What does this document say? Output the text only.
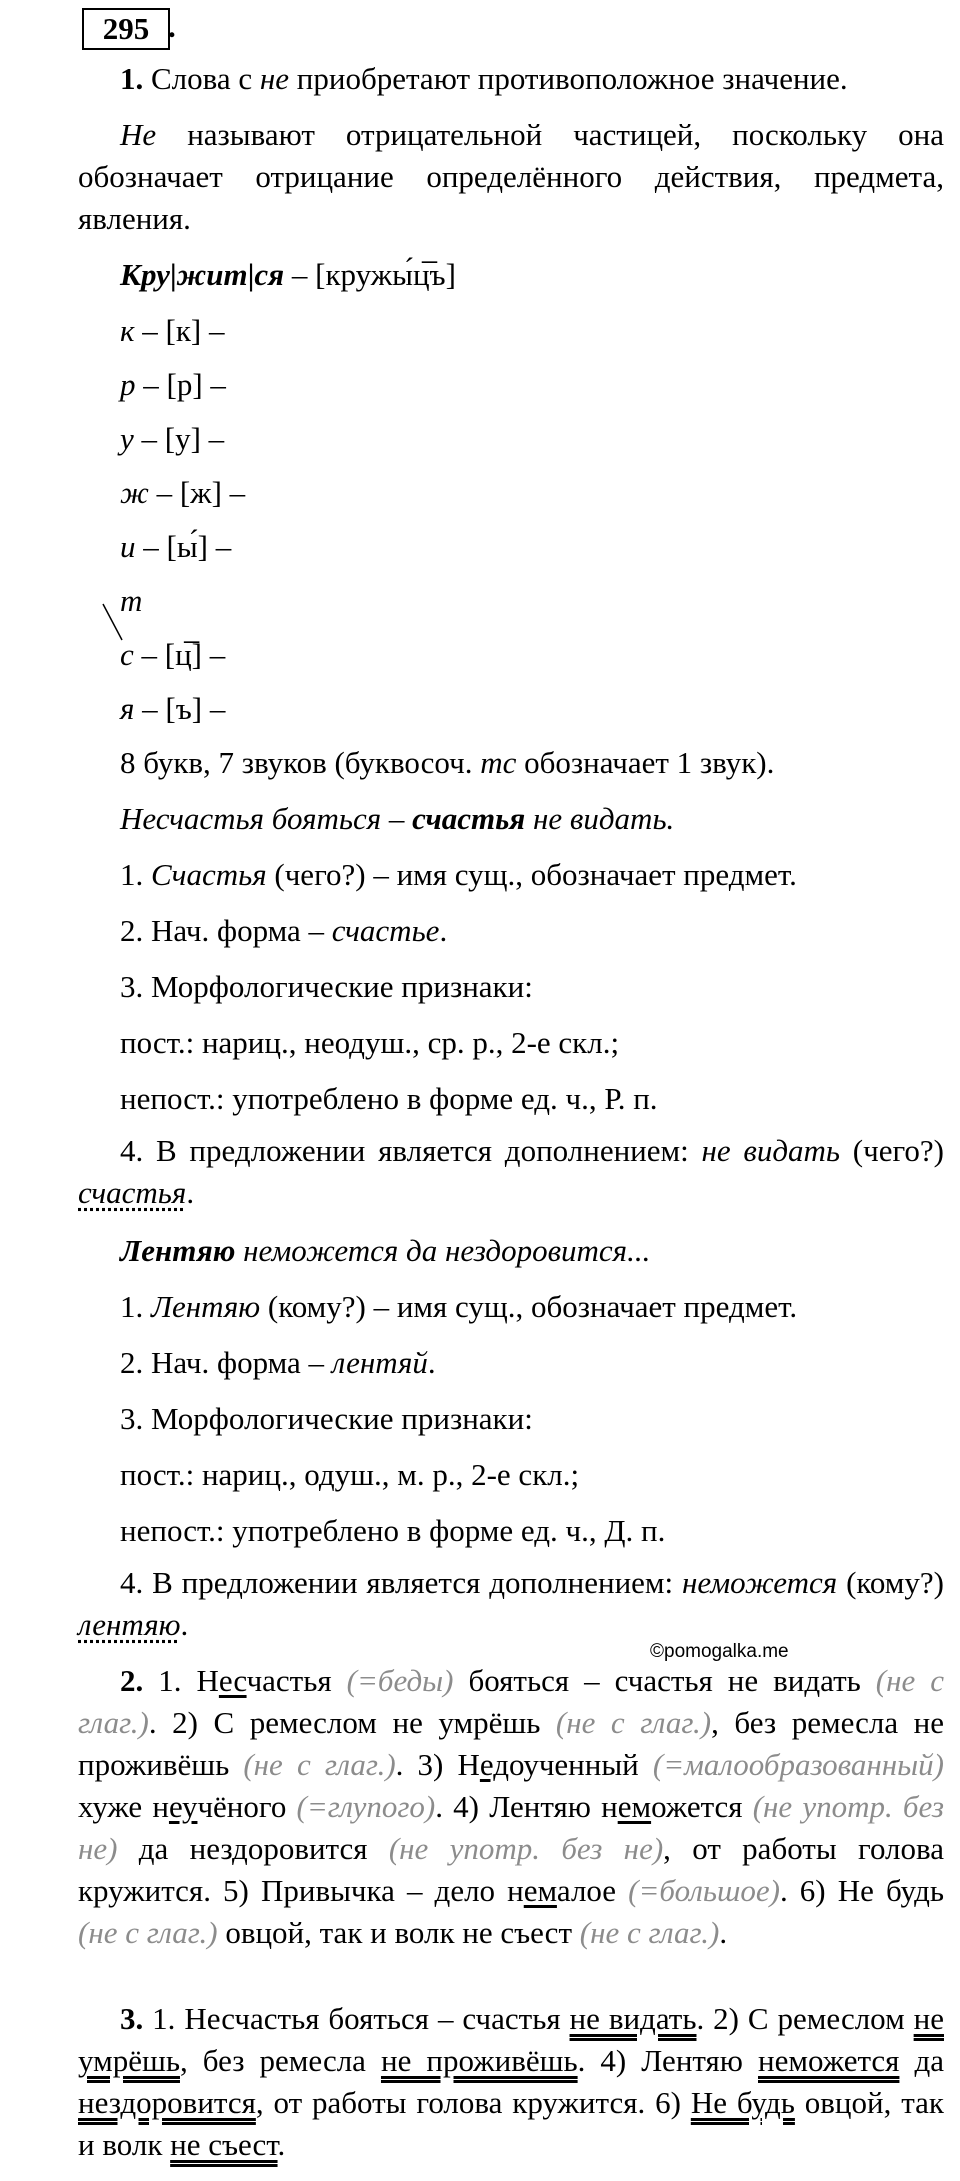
295 .
1. Слова с не приобретают противоположное значение.
Не называют отрицательной частицей, поскольку она обозначает отрицание определённого действия, предмета, явления.
Кру|жит|ся – [кружы́ц̅ъ]
к – [к] –
р – [р] –
у – [у] –
ж – [ж] –
и – [ы́] –
т
с – [ц̅] –
я – [ъ] –
8 букв, 7 звуков (буквосоч. тс обозначает 1 звук).
Несчастья бояться – счастья не видать.
1. Счастья (чего?) – имя сущ., обозначает предмет.
2. Нач. форма – счастье.
3. Морфологические признаки:
пост.: нариц., неодуш., ср. р., 2-е скл.;
непост.: употреблено в форме ед. ч., Р. п.
4. В предложении является дополнением: не видать (чего?) счастья.
Лентяю неможется да нездоровится...
1. Лентяю (кому?) – имя сущ., обозначает предмет.
2. Нач. форма – лентяй.
3. Морфологические признаки:
пост.: нариц., одуш., м. р., 2-е скл.;
непост.: употреблено в форме ед. ч., Д. п.
4. В предложении является дополнением: неможется (кому?) лентяю.
©pomogalka.me
2. 1. Несчастья (=беды) бояться – счастья не видать (не с глаг.). 2) С ремеслом не умрёшь (не с глаг.), без ремесла не проживёшь (не с глаг.). 3) Недоученный (=малообразованный) хуже неучёного (=глупого). 4) Лентяю неможется (не употр. без не) да нездоровится (не употр. без не), от работы голова кружится. 5) Привычка – дело немалое (=большое). 6) Не будь (не с глаг.) овцой, так и волк не съест (не с глаг.).
3. 1. Несчастья бояться – счастья не видать. 2) С ремеслом не умрёшь, без ремесла не проживёшь. 4) Лентяю неможется да нездоровится, от работы голова кружится. 6) Не будь овцой, так и волк не съест.
